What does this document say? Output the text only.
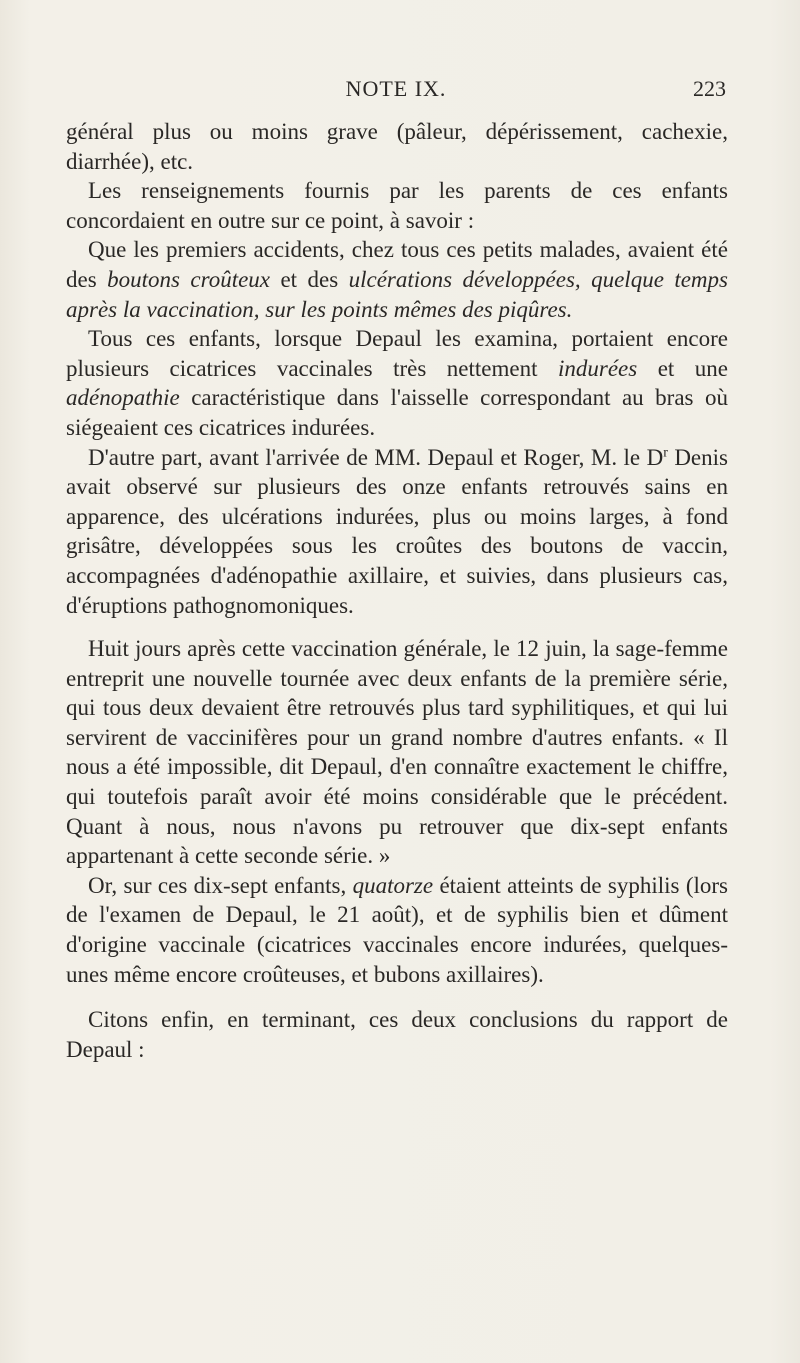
NOTE IX.	223

général plus ou moins grave (pâleur, dépérissement, cachexie, diarrhée), etc.

Les renseignements fournis par les parents de ces enfants concordaient en outre sur ce point, à savoir :

Que les premiers accidents, chez tous ces petits malades, avaient été des boutons croûteux et des ulcérations développées, quelque temps après la vaccination, sur les points mêmes des piqûres.

Tous ces enfants, lorsque Depaul les examina, portaient encore plusieurs cicatrices vaccinales très nettement indurées et une adénopathie caractéristique dans l'aisselle correspondant au bras où siégeaient ces cicatrices indurées.

D'autre part, avant l'arrivée de MM. Depaul et Roger, M. le $D^r$ Denis avait observé sur plusieurs des onze enfants retrouvés sains en apparence, des ulcérations indurées, plus ou moins larges, à fond grisâtre, développées sous les croûtes des boutons de vaccin, accompagnées d'adénopathie axillaire, et suivies, dans plusieurs cas, d'éruptions pathognomoniques.

Huit jours après cette vaccination générale, le 12 juin, la sage-femme entreprit une nouvelle tournée avec deux enfants de la première série, qui tous deux devaient être retrouvés plus tard syphilitiques, et qui lui servirent de vaccinifères pour un grand nombre d'autres enfants. « Il nous a été impossible, dit Depaul, d'en connaître exactement le chiffre, qui toutefois paraît avoir été moins considérable que le précédent. Quant à nous, nous n'avons pu retrouver que dix-sept enfants appartenant à cette seconde série. »

Or, sur ces dix-sept enfants, quatorze étaient atteints de syphilis (lors de l'examen de Depaul, le 21 août), et de syphilis bien et dûment d'origine vaccinale (cicatrices vaccinales encore indurées, quelques-unes même encore croûteuses, et bubons axillaires).

Citons enfin, en terminant, ces deux conclusions du rapport de Depaul :
